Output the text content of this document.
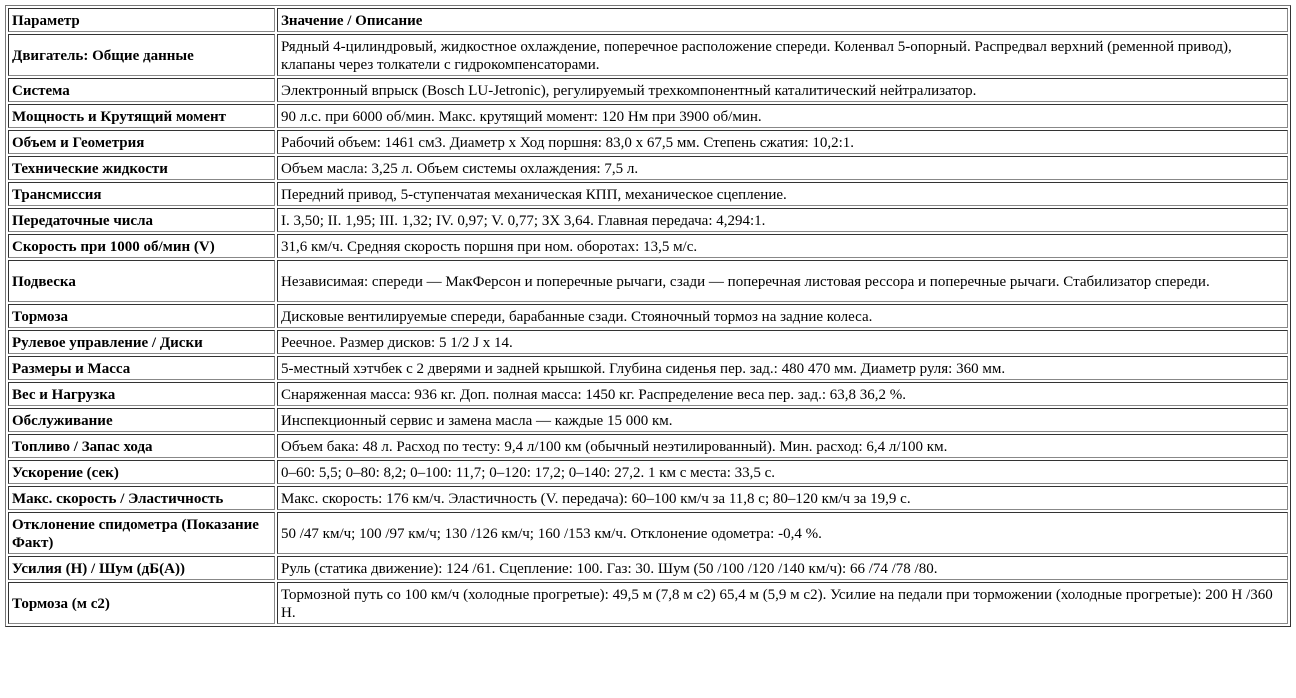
Параметр	Значение / Описание
Двигатель: Общие данные	Рядный 4-цилиндровый, жидкостное охлаждение, поперечное расположение спереди. Коленвал 5-опорный. Распредвал верхний (ременной привод), клапаны через толкатели с гидрокомпенсаторами.
Система	Электронный впрыск (Bosch LU-Jetronic), регулируемый трехкомпонентный каталитический нейтрализатор.
Мощность и Крутящий момент	90 л.с. при 6000 об/мин. Макс. крутящий момент: 120 Нм при 3900 об/мин.
Объем и Геометрия	Рабочий объем: 1461 см3. Диаметр х Ход поршня: 83,0 х 67,5 мм. Степень сжатия: 10,2:1.
Технические жидкости	Объем масла: 3,25 л. Объем системы охлаждения: 7,5 л.
Трансмиссия	Передний привод, 5-ступенчатая механическая КПП, механическое сцепление.
Передаточные числа	I. 3,50; II. 1,95; III. 1,32; IV. 0,97; V. 0,77; ЗХ 3,64. Главная передача: 4,294:1.
Скорость при 1000 об/мин (V)	31,6 км/ч. Средняя скорость поршня при ном. оборотах: 13,5 м/с.
Подвеска	Независимая: спереди — МакФерсон и поперечные рычаги, сзади — поперечная листовая рессора и поперечные рычаги. Стабилизатор спереди.
Тормоза	Дисковые вентилируемые спереди, барабанные сзади. Стояночный тормоз на задние колеса.
Рулевое управление / Диски	Реечное. Размер дисков: 5 1/2 J x 14.
Размеры и Масса	5-местный хэтчбек с 2 дверями и задней крышкой. Глубина сиденья пер. зад.: 480 470 мм. Диаметр руля: 360 мм.
Вес и Нагрузка	Снаряженная масса: 936 кг. Доп. полная масса: 1450 кг. Распределение веса пер. зад.: 63,8 36,2 %.
Обслуживание	Инспекционный сервис и замена масла — каждые 15 000 км.
Топливо / Запас хода	Объем бака: 48 л. Расход по тесту: 9,4 л/100 км (обычный неэтилированный). Мин. расход: 6,4 л/100 км.
Ускорение (сек)	0–60: 5,5; 0–80: 8,2; 0–100: 11,7; 0–120: 17,2; 0–140: 27,2. 1 км с места: 33,5 с.
Макс. скорость / Эластичность	Макс. скорость: 176 км/ч. Эластичность (V. передача): 60–100 км/ч за 11,8 с; 80–120 км/ч за 19,9 с.
Отклонение спидометра (Показание Факт)	50 /47 км/ч; 100 /97 км/ч; 130 /126 км/ч; 160 /153 км/ч. Отклонение одометра: -0,4 %.
Усилия (Н) / Шум (дБ(А))	Руль (статика движение): 124 /61. Сцепление: 100. Газ: 30. Шум (50 /100 /120 /140 км/ч): 66 /74 /78 /80.
Тормоза (м с2)	Тормозной путь со 100 км/ч (холодные прогретые): 49,5 м (7,8 м с2) 65,4 м (5,9 м с2). Усилие на педали при торможении (холодные прогретые): 200 Н /360 Н.
